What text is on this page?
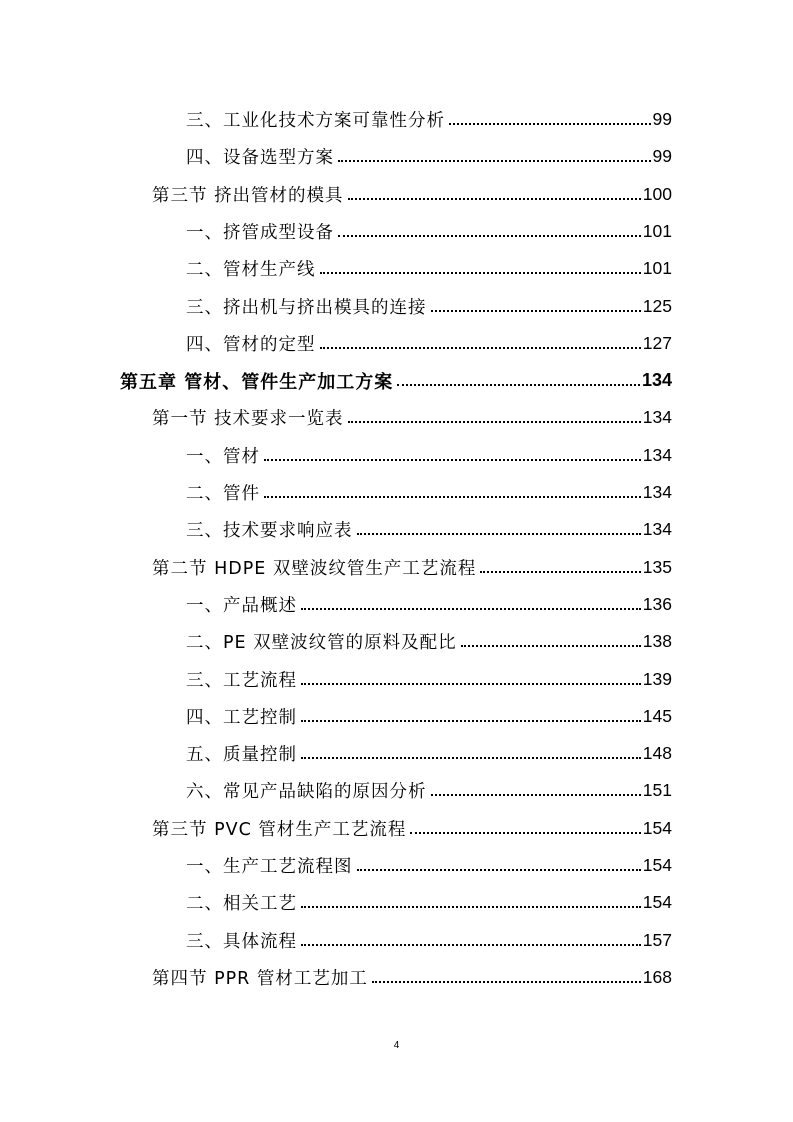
三、工业化技术方案可靠性分析	99
四、设备选型方案	99
第三节 挤出管材的模具	100
一、挤管成型设备	101
二、管材生产线	101
三、挤出机与挤出模具的连接	125
四、管材的定型	127
第五章 管材、管件生产加工方案	134
第一节 技术要求一览表	134
一、管材	134
二、管件	134
三、技术要求响应表	134
第二节 HDPE 双壁波纹管生产工艺流程	135
一、产品概述	136
二、PE 双壁波纹管的原料及配比	138
三、工艺流程	139
四、工艺控制	145
五、质量控制	148
六、常见产品缺陷的原因分析	151
第三节 PVC 管材生产工艺流程	154
一、生产工艺流程图	154
二、相关工艺	154
三、具体流程	157
第四节 PPR 管材工艺加工	168
4
